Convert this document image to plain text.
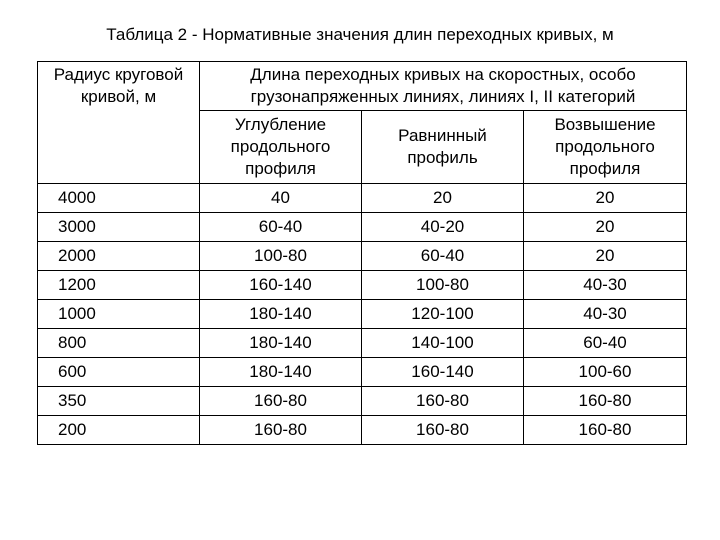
Таблица 2 - Нормативные значения длин переходных кривых, м
Радиус круговой
кривой, м	Длина переходных кривых на скоростных, особо
грузонапряженных линиях, линиях I, II категорий		

	Углубление
продольного
профиля	Равнинный
профиль	Возвышение
продольного
профиля

4000	40	20	20
3000	60-40	40-20	20
2000	100-80	60-40	20
1200	160-140	100-80	40-30
1000	180-140	120-100	40-30
800	180-140	140-100	60-40
600	180-140	160-140	100-60
350	160-80	160-80	160-80
200	160-80	160-80	160-80
